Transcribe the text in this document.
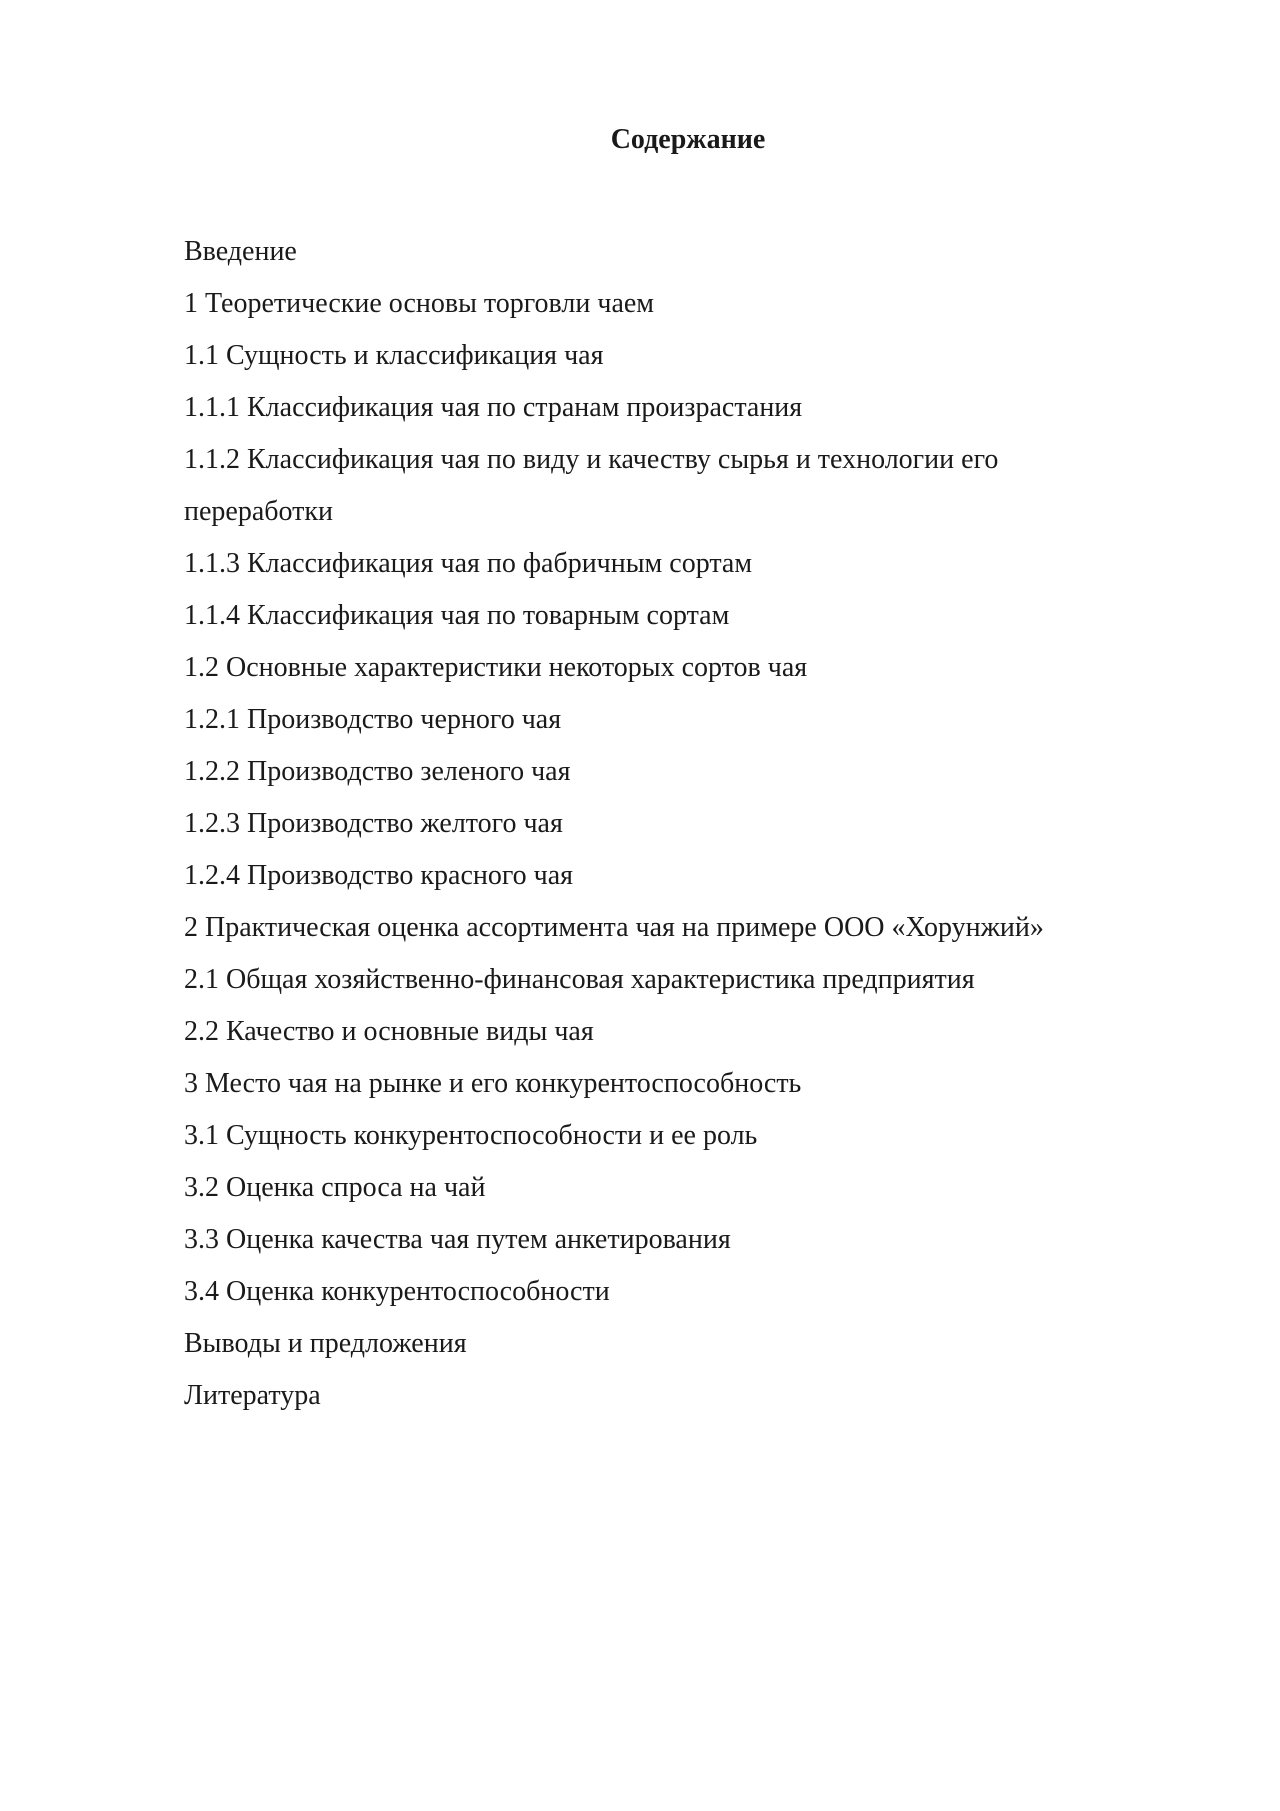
Содержание
Введение
1 Теоретические основы торговли чаем
1.1 Сущность и классификация чая
1.1.1 Классификация чая по странам произрастания
1.1.2 Классификация чая по виду и качеству сырья и технологии его переработки
1.1.3 Классификация чая по фабричным сортам
1.1.4 Классификация чая по товарным сортам
1.2 Основные характеристики некоторых сортов чая
1.2.1 Производство черного чая
1.2.2 Производство зеленого чая
1.2.3 Производство желтого чая
1.2.4 Производство красного чая
2 Практическая оценка ассортимента чая на примере ООО «Хорунжий»
2.1 Общая хозяйственно-финансовая характеристика предприятия
2.2 Качество и основные виды чая
3 Место чая на рынке и его конкурентоспособность
3.1 Сущность конкурентоспособности и ее роль
3.2 Оценка спроса на чай
3.3 Оценка качества чая путем анкетирования
3.4 Оценка конкурентоспособности
Выводы и предложения
Литература
